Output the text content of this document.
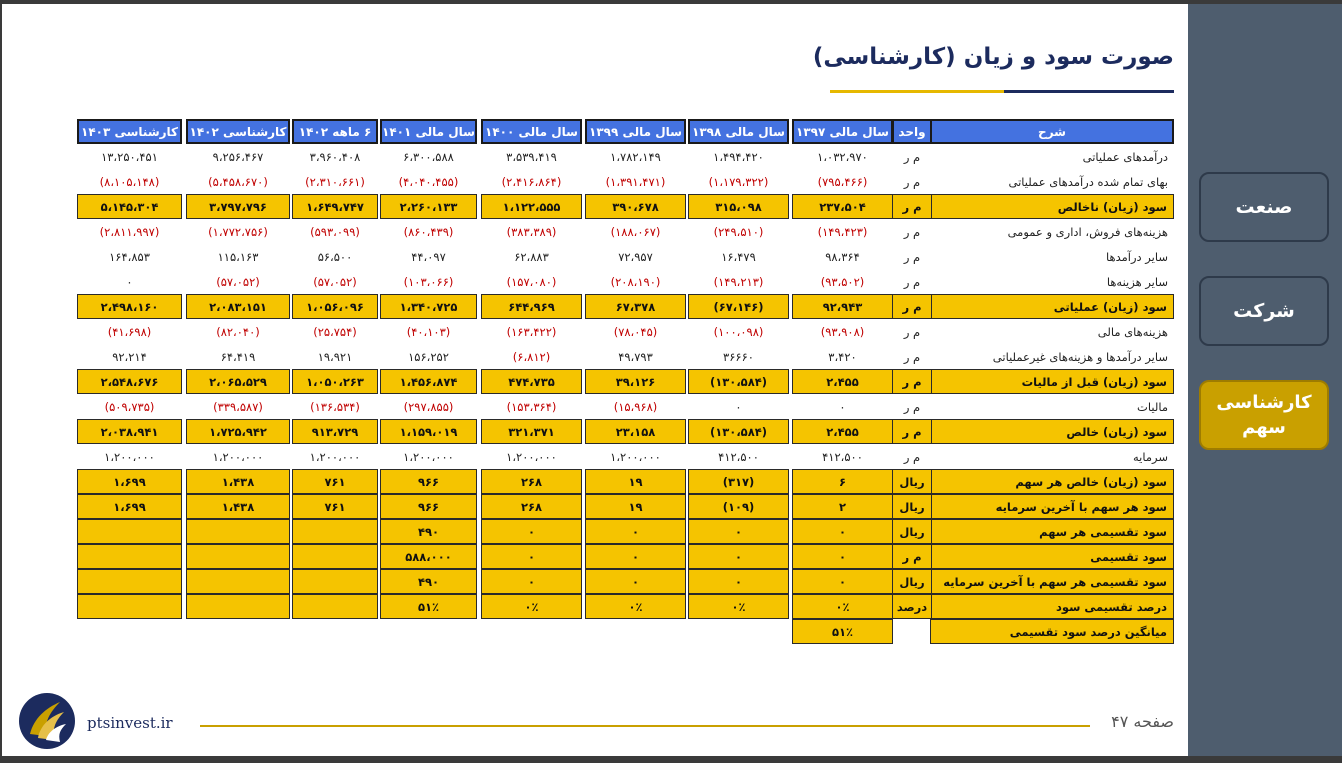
صورت سود و زیان (کارشناسی)
شرح
درآمدهای عملیاتی
بهای تمام شده درآمدهای عملیاتی
سود (زیان) ناخالص
هزینه‌های فروش، اداری و عمومی
سایر درآمدها
سایر هزینه‌ها
سود (زیان) عملیاتی
هزینه‌های مالی
سایر درآمدها و هزینه‌های غیرعملیاتی
سود (زیان) قبل از مالیات
مالیات
سود (زیان) خالص
سرمایه
سود (زیان) خالص هر سهم
سود هر سهم با آخرین سرمایه
سود تقسیمی هر سهم
سود تقسیمی
سود تقسیمی هر سهم با آخرین سرمایه
درصد تقسیمی سود
میانگین درصد سود تقسیمی
واحد
م ر
م ر
م ر
م ر
م ر
م ر
م ر
م ر
م ر
م ر
م ر
م ر
م ر
ریال
ریال
ریال
م ر
ریال
درصد
سال مالی ۱۳۹۷
۱،۰۳۲،۹۷۰
(۷۹۵،۴۶۶)
۲۳۷،۵۰۴
(۱۴۹،۴۲۳)
۹۸،۳۶۴
(۹۳،۵۰۲)
۹۲،۹۴۳
(۹۳،۹۰۸)
۳،۴۲۰
۲،۴۵۵
۰
۲،۴۵۵
۴۱۲،۵۰۰
۶
۲
۰
۰
۰
۰٪
۵۱٪
سال مالی ۱۳۹۸
۱،۴۹۴،۴۲۰
(۱،۱۷۹،۳۲۲)
۳۱۵،۰۹۸
(۲۴۹،۵۱۰)
۱۶،۴۷۹
(۱۴۹،۲۱۳)
(۶۷،۱۴۶)
(۱۰۰،۰۹۸)
۳۶۶۶۰
(۱۳۰،۵۸۴)
۰
(۱۳۰،۵۸۴)
۴۱۲،۵۰۰
(۳۱۷)
(۱۰۹)
۰
۰
۰
۰٪
سال مالی ۱۳۹۹
۱،۷۸۲،۱۴۹
(۱،۳۹۱،۴۷۱)
۳۹۰،۶۷۸
(۱۸۸،۰۶۷)
۷۲،۹۵۷
(۲۰۸،۱۹۰)
۶۷،۳۷۸
(۷۸،۰۴۵)
۴۹،۷۹۳
۳۹،۱۲۶
(۱۵،۹۶۸)
۲۳،۱۵۸
۱،۲۰۰،۰۰۰
۱۹
۱۹
۰
۰
۰
۰٪
سال مالی ۱۴۰۰
۳،۵۳۹،۴۱۹
(۲،۴۱۶،۸۶۴)
۱،۱۲۲،۵۵۵
(۳۸۳،۳۸۹)
۶۲،۸۸۳
(۱۵۷،۰۸۰)
۶۴۴،۹۶۹
(۱۶۳،۴۲۲)
(۶،۸۱۲)
۴۷۴،۷۳۵
(۱۵۳،۳۶۴)
۳۲۱،۳۷۱
۱،۲۰۰،۰۰۰
۲۶۸
۲۶۸
۰
۰
۰
۰٪
سال مالی ۱۴۰۱
۶،۳۰۰،۵۸۸
(۴،۰۴۰،۴۵۵)
۲،۲۶۰،۱۳۳
(۸۶۰،۴۳۹)
۴۴،۰۹۷
(۱۰۳،۰۶۶)
۱،۳۴۰،۷۲۵
(۴۰،۱۰۳)
۱۵۶،۲۵۲
۱،۴۵۶،۸۷۴
(۲۹۷،۸۵۵)
۱،۱۵۹،۰۱۹
۱،۲۰۰،۰۰۰
۹۶۶
۹۶۶
۴۹۰
۵۸۸،۰۰۰
۴۹۰
۵۱٪
۶ ماهه ۱۴۰۲
۳،۹۶۰،۴۰۸
(۲،۳۱۰،۶۶۱)
۱،۶۴۹،۷۴۷
(۵۹۳،۰۹۹)
۵۶،۵۰۰
(۵۷،۰۵۲)
۱،۰۵۶،۰۹۶
(۲۵،۷۵۴)
۱۹،۹۲۱
۱،۰۵۰،۲۶۳
(۱۳۶،۵۳۴)
۹۱۳،۷۲۹
۱،۲۰۰،۰۰۰
۷۶۱
۷۶۱
کارشناسی ۱۴۰۲
۹،۲۵۶،۴۶۷
(۵،۴۵۸،۶۷۰)
۳،۷۹۷،۷۹۶
(۱،۷۷۲،۷۵۶)
۱۱۵،۱۶۳
(۵۷،۰۵۲)
۲،۰۸۳،۱۵۱
(۸۲،۰۴۰)
۶۴،۴۱۹
۲،۰۶۵،۵۲۹
(۳۳۹،۵۸۷)
۱،۷۲۵،۹۴۲
۱،۲۰۰،۰۰۰
۱،۴۳۸
۱،۴۳۸
کارشناسی ۱۴۰۳
۱۳،۲۵۰،۴۵۱
(۸،۱۰۵،۱۴۸)
۵،۱۴۵،۳۰۴
(۲،۸۱۱،۹۹۷)
۱۶۴،۸۵۳
۰
۲،۴۹۸،۱۶۰
(۴۱،۶۹۸)
۹۲،۲۱۴
۲،۵۴۸،۶۷۶
(۵۰۹،۷۳۵)
۲،۰۳۸،۹۴۱
۱،۲۰۰،۰۰۰
۱،۶۹۹
۱،۶۹۹
صفحه ۴۷
ptsinvest.ir
صنعت
شرکت
کارشناسی سهم
